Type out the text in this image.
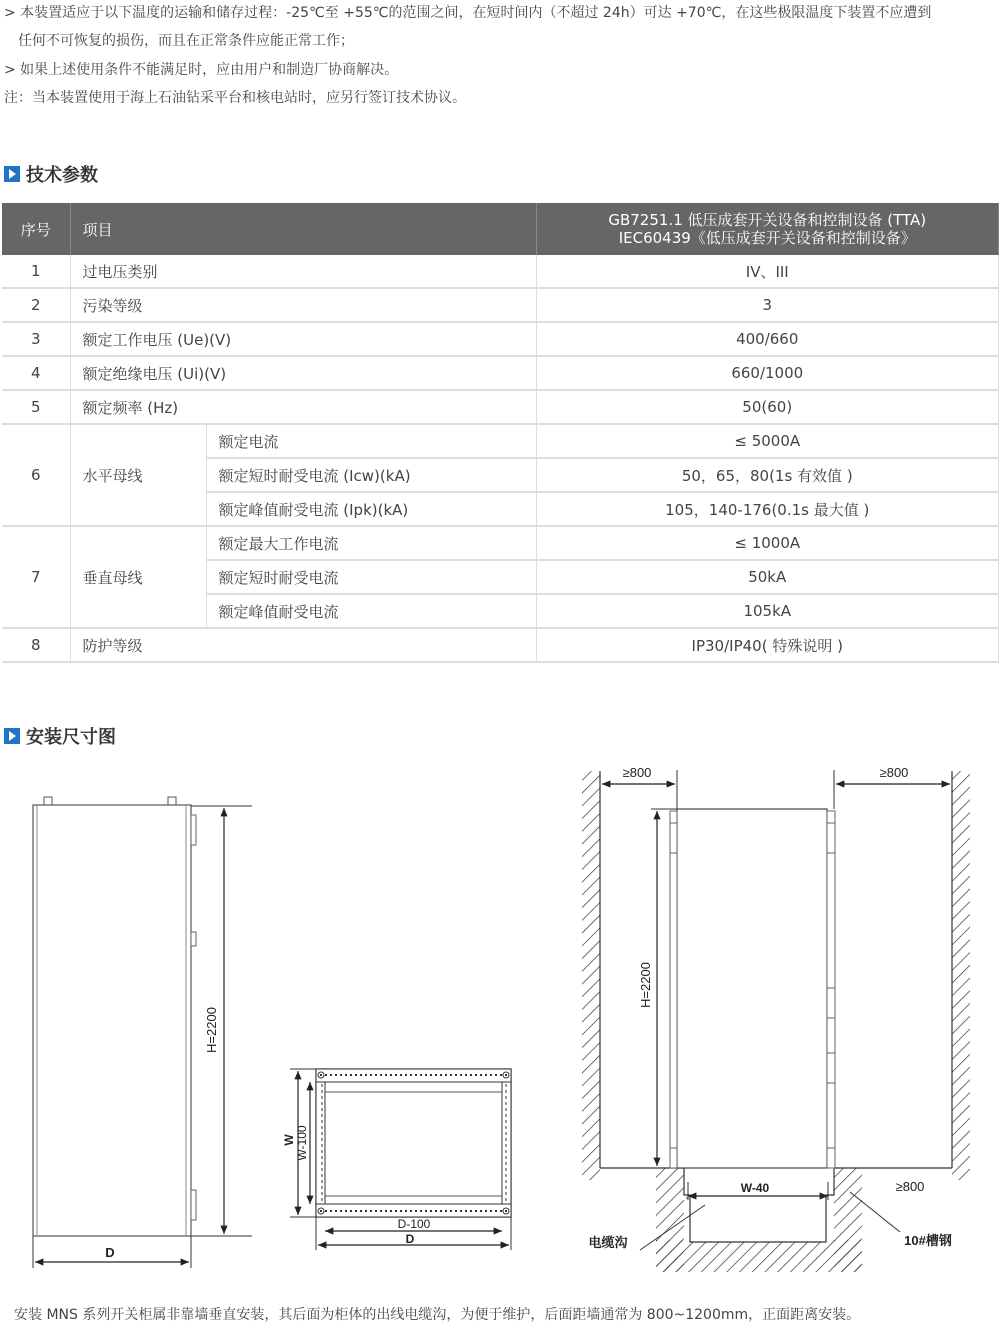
> 本装置适应于以下温度的运输和储存过程：-25℃至 +55℃的范围之间，在短时间内（不超过 24h）可达 +70℃，在这些极限温度下装置不应遭到
任何不可恢复的损伤，而且在正常条件应能正常工作；
> 如果上述使用条件不能满足时，应由用户和制造厂协商解决。
注：当本装置使用于海上石油钻采平台和核电站时，应另行签订技术协议。
技术参数
序号	项目		GB7251.1 低压成套开关设备和控制设备 (TTA)
IEC60439《低压成套开关设备和控制设备》

1	过电压类别		IV、III
2	污染等级		3
3	额定工作电压 (Ue)(V)		400/660
4	额定绝缘电压 (Ui)(V)		660/1000
5	额定频率 (Hz)		50(60)
6	水平母线	额定电流	≤ 5000A
		额定短时耐受电流 (Icw)(kA)	50，65，80(1s 有效值 )
		额定峰值耐受电流 (Ipk)(kA)	105，140-176(0.1s 最大值 )
7	垂直母线	额定最大工作电流	≤ 1000A
		额定短时耐受电流	50kA
		额定峰值耐受电流	105kA
8	防护等级		IP30/IP40( 特殊说明 )
安装尺寸图
H=2200
D
W W-100
D-100
D
≥800	≥800
H=2200
≥800
W-40
电缆沟	10#槽钢
安装 MNS 系列开关柜属非靠墙垂直安装，其后面为柜体的出线电缆沟，为便于维护，后面距墙通常为 800~1200mm，正面距离安装。
